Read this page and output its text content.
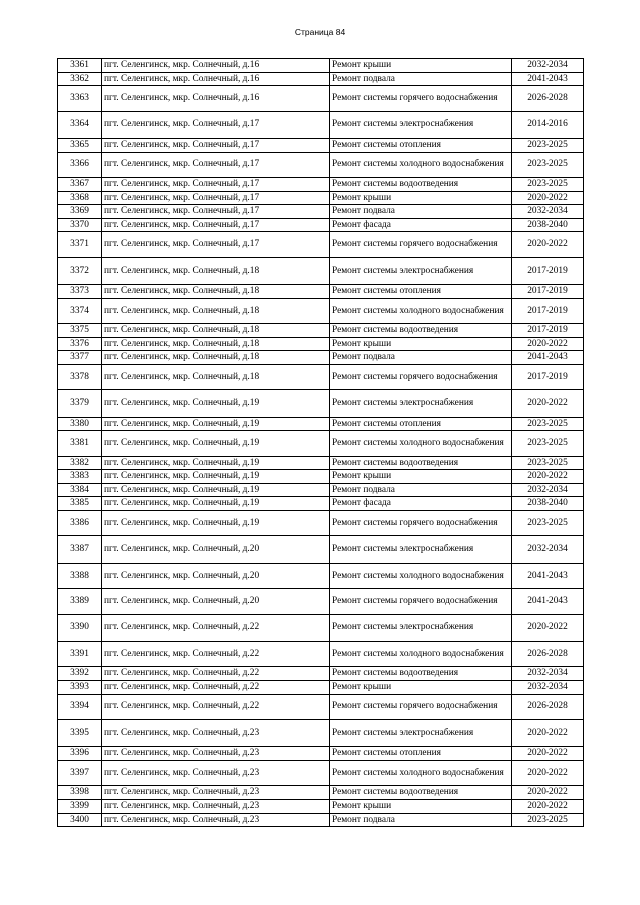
Страница 84
3361	пгт. Селенгинск, мкр. Солнечный, д.16	Ремонт крыши	2032-2034
3362	пгт. Селенгинск, мкр. Солнечный, д.16	Ремонт подвала	2041-2043
3363	пгт. Селенгинск, мкр. Солнечный, д.16	Ремонт системы горячего водоснабжения	2026-2028
3364	пгт. Селенгинск, мкр. Солнечный, д.17	Ремонт системы электроснабжения	2014-2016
3365	пгт. Селенгинск, мкр. Солнечный, д.17	Ремонт системы отопления	2023-2025
3366	пгт. Селенгинск, мкр. Солнечный, д.17	Ремонт системы холодного водоснабжения	2023-2025
3367	пгт. Селенгинск, мкр. Солнечный, д.17	Ремонт системы водоотведения	2023-2025
3368	пгт. Селенгинск, мкр. Солнечный, д.17	Ремонт крыши	2020-2022
3369	пгт. Селенгинск, мкр. Солнечный, д.17	Ремонт подвала	2032-2034
3370	пгт. Селенгинск, мкр. Солнечный, д.17	Ремонт фасада	2038-2040
3371	пгт. Селенгинск, мкр. Солнечный, д.17	Ремонт системы горячего водоснабжения	2020-2022
3372	пгт. Селенгинск, мкр. Солнечный, д.18	Ремонт системы электроснабжения	2017-2019
3373	пгт. Селенгинск, мкр. Солнечный, д.18	Ремонт системы отопления	2017-2019
3374	пгт. Селенгинск, мкр. Солнечный, д.18	Ремонт системы холодного водоснабжения	2017-2019
3375	пгт. Селенгинск, мкр. Солнечный, д.18	Ремонт системы водоотведения	2017-2019
3376	пгт. Селенгинск, мкр. Солнечный, д.18	Ремонт крыши	2020-2022
3377	пгт. Селенгинск, мкр. Солнечный, д.18	Ремонт подвала	2041-2043
3378	пгт. Селенгинск, мкр. Солнечный, д.18	Ремонт системы горячего водоснабжения	2017-2019
3379	пгт. Селенгинск, мкр. Солнечный, д.19	Ремонт системы электроснабжения	2020-2022
3380	пгт. Селенгинск, мкр. Солнечный, д.19	Ремонт системы отопления	2023-2025
3381	пгт. Селенгинск, мкр. Солнечный, д.19	Ремонт системы холодного водоснабжения	2023-2025
3382	пгт. Селенгинск, мкр. Солнечный, д.19	Ремонт системы водоотведения	2023-2025
3383	пгт. Селенгинск, мкр. Солнечный, д.19	Ремонт крыши	2020-2022
3384	пгт. Селенгинск, мкр. Солнечный, д.19	Ремонт подвала	2032-2034
3385	пгт. Селенгинск, мкр. Солнечный, д.19	Ремонт фасада	2038-2040
3386	пгт. Селенгинск, мкр. Солнечный, д.19	Ремонт системы горячего водоснабжения	2023-2025
3387	пгт. Селенгинск, мкр. Солнечный, д.20	Ремонт системы электроснабжения	2032-2034
3388	пгт. Селенгинск, мкр. Солнечный, д.20	Ремонт системы холодного водоснабжения	2041-2043
3389	пгт. Селенгинск, мкр. Солнечный, д.20	Ремонт системы горячего водоснабжения	2041-2043
3390	пгт. Селенгинск, мкр. Солнечный, д.22	Ремонт системы электроснабжения	2020-2022
3391	пгт. Селенгинск, мкр. Солнечный, д.22	Ремонт системы холодного водоснабжения	2026-2028
3392	пгт. Селенгинск, мкр. Солнечный, д.22	Ремонт системы водоотведения	2032-2034
3393	пгт. Селенгинск, мкр. Солнечный, д.22	Ремонт крыши	2032-2034
3394	пгт. Селенгинск, мкр. Солнечный, д.22	Ремонт системы горячего водоснабжения	2026-2028
3395	пгт. Селенгинск, мкр. Солнечный, д.23	Ремонт системы электроснабжения	2020-2022
3396	пгт. Селенгинск, мкр. Солнечный, д.23	Ремонт системы отопления	2020-2022
3397	пгт. Селенгинск, мкр. Солнечный, д.23	Ремонт системы холодного водоснабжения	2020-2022
3398	пгт. Селенгинск, мкр. Солнечный, д.23	Ремонт системы водоотведения	2020-2022
3399	пгт. Селенгинск, мкр. Солнечный, д.23	Ремонт крыши	2020-2022
3400	пгт. Селенгинск, мкр. Солнечный, д.23	Ремонт подвала	2023-2025
